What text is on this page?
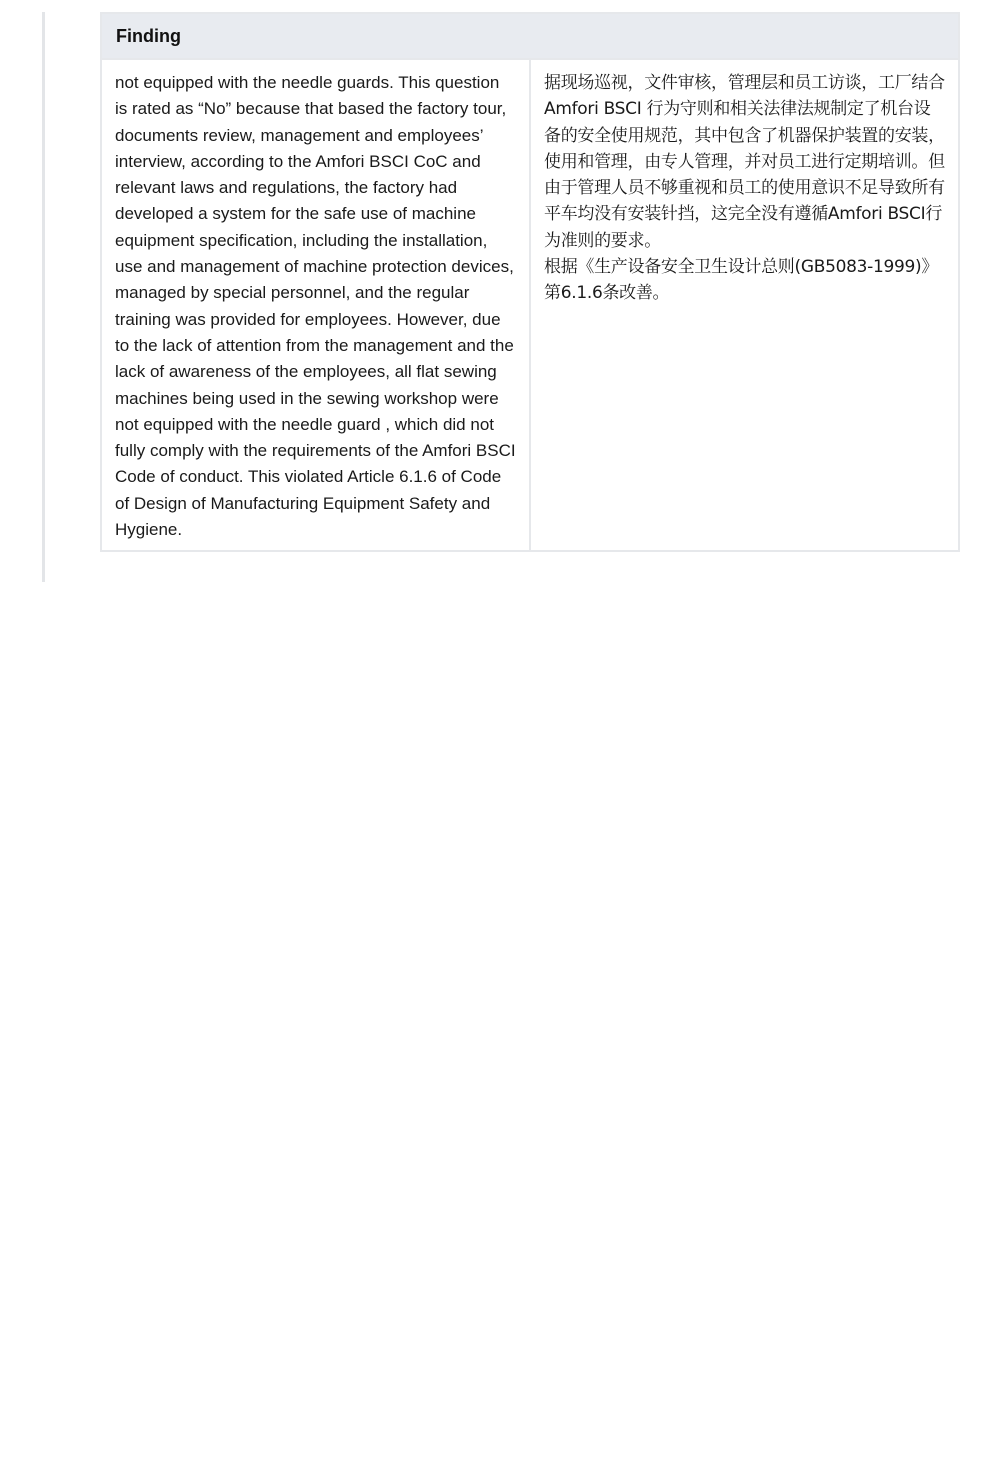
Finding
not equipped with the needle guards. This question is rated as “No” because that based the factory tour, documents review, management and employees’ interview, according to the Amfori BSCI CoC and relevant laws and regulations, the factory had developed a system for the safe use of machine equipment specification, including the installation, use and management of machine protection devices, managed by special personnel, and the regular training was provided for employees. However, due to the lack of attention from the management and the lack of awareness of the employees, all flat sewing machines being used in the sewing workshop were not equipped with the needle guard , which did not fully comply with the requirements of the Amfori BSCI Code of conduct. This violated Article 6.1.6 of Code of Design of Manufacturing Equipment Safety and Hygiene.

据现场巡视，文件审核，管理层和员工访谈，工厂结合Amfori BSCI 行为守则和相关法律法规制定了机台设备的安全使用规范，其中包含了机器保护装置的安装，使用和管理，由专人管理，并对员工进行定期培训。但由于管理人员不够重视和员工的使用意识不足导致所有平车均没有安装针挡，这完全没有遵循Amfori BSCI行为准则的要求。

根据《生产设备安全卫生设计总则(GB5083-1999)》第6.1.6条改善。
